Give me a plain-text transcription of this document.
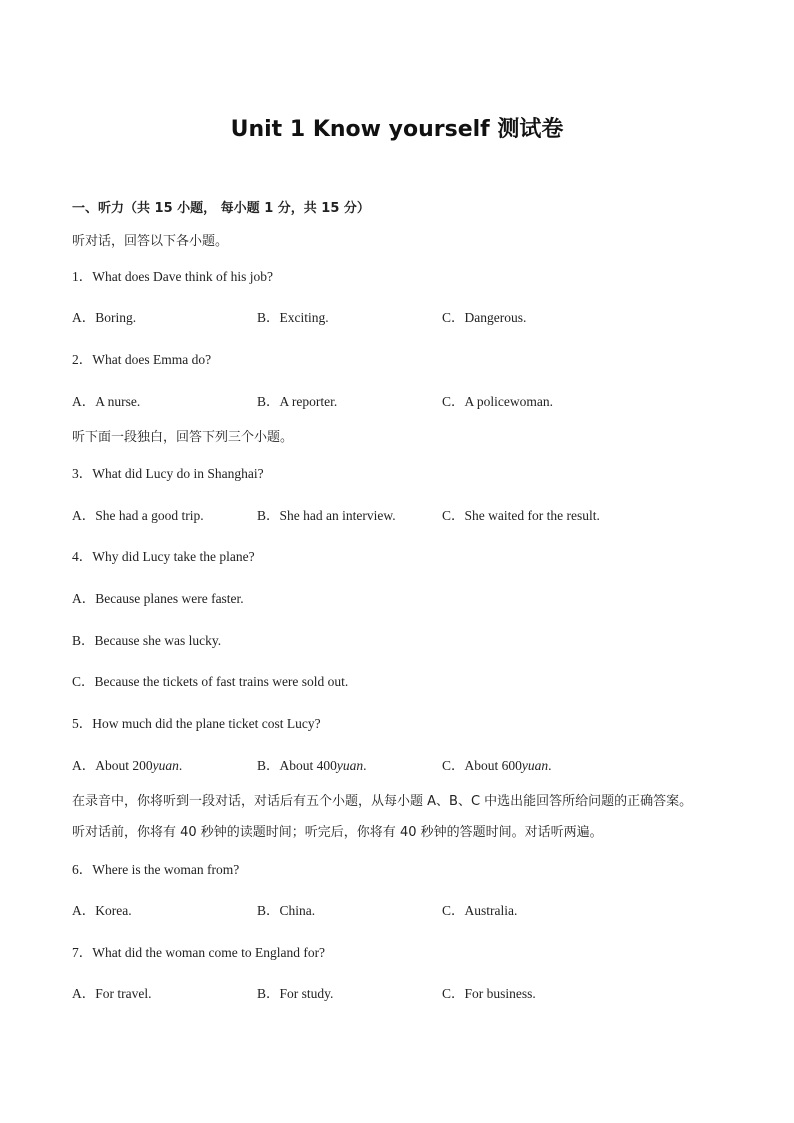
Unit 1 Know yourself 测试卷
一、听力（共 15 小题， 每小题 1 分，共 15 分）
听对话，回答以下各小题。
1．What does Dave think of his job?
A．Boring.	B．Exciting.	C．Dangerous.
2．What does Emma do?
A．A nurse.	B．A reporter.	C．A policewoman.
听下面一段独白，回答下列三个小题。
3．What did Lucy do in Shanghai?
A．She had a good trip.	B．She had an interview.	C．She waited for the result.
4．Why did Lucy take the plane?
A．Because planes were faster.
B．Because she was lucky.
C．Because the tickets of fast trains were sold out.
5．How much did the plane ticket cost Lucy?
A．About 200yuan.	B．About 400yuan.	C．About 600yuan.
在录音中，你将听到一段对话，对话后有五个小题，从每小题 A、B、C 中选出能回答所给问题的正确答案。
听对话前，你将有 40 秒钟的读题时间；听完后，你将有 40 秒钟的答题时间。对话听两遍。
6．Where is the woman from?
A．Korea.	B．China.	C．Australia.
7．What did the woman come to England for?
A．For travel.	B．For study.	C．For business.
